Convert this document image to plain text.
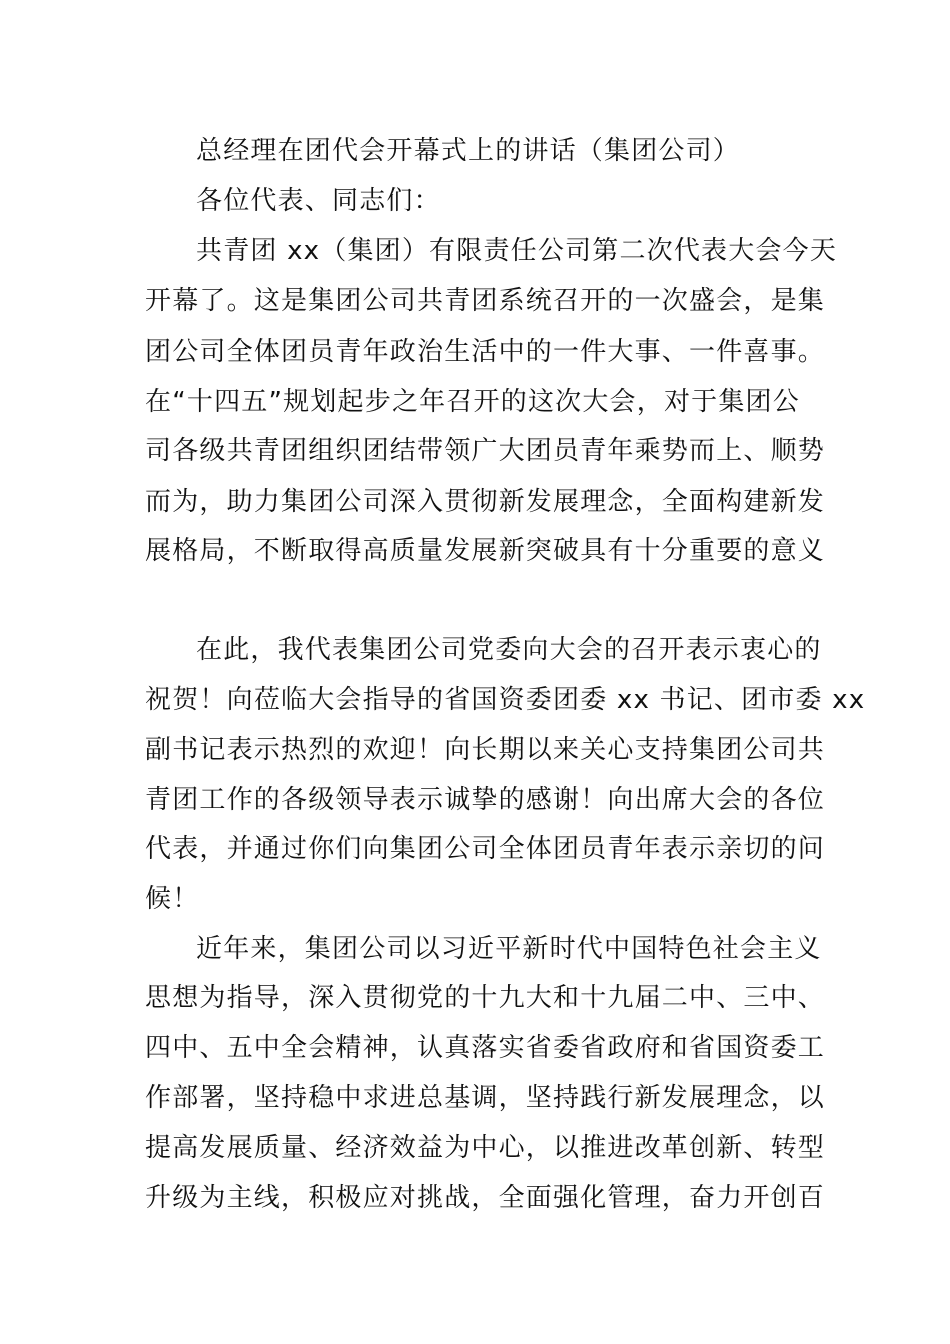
总经理在团代会开幕式上的讲话（集团公司）
各位代表、同志们：
共青团 xx（集团）有限责任公司第二次代表大会今天
开幕了。这是集团公司共青团系统召开的一次盛会，是集
团公司全体团员青年政治生活中的一件大事、一件喜事。
在“十四五”规划起步之年召开的这次大会，对于集团公
司各级共青团组织团结带领广大团员青年乘势而上、顺势
而为，助力集团公司深入贯彻新发展理念，全面构建新发
展格局，不断取得高质量发展新突破具有十分重要的意义
在此，我代表集团公司党委向大会的召开表示衷心的
祝贺！向莅临大会指导的省国资委团委 xx 书记、团市委 xx
副书记表示热烈的欢迎！向长期以来关心支持集团公司共
青团工作的各级领导表示诚挚的感谢！向出席大会的各位
代表，并通过你们向集团公司全体团员青年表示亲切的问
候！
近年来，集团公司以习近平新时代中国特色社会主义
思想为指导，深入贯彻党的十九大和十九届二中、三中、
四中、五中全会精神，认真落实省委省政府和省国资委工
作部署，坚持稳中求进总基调，坚持践行新发展理念，以
提高发展质量、经济效益为中心，以推进改革创新、转型
升级为主线，积极应对挑战，全面强化管理，奋力开创百
